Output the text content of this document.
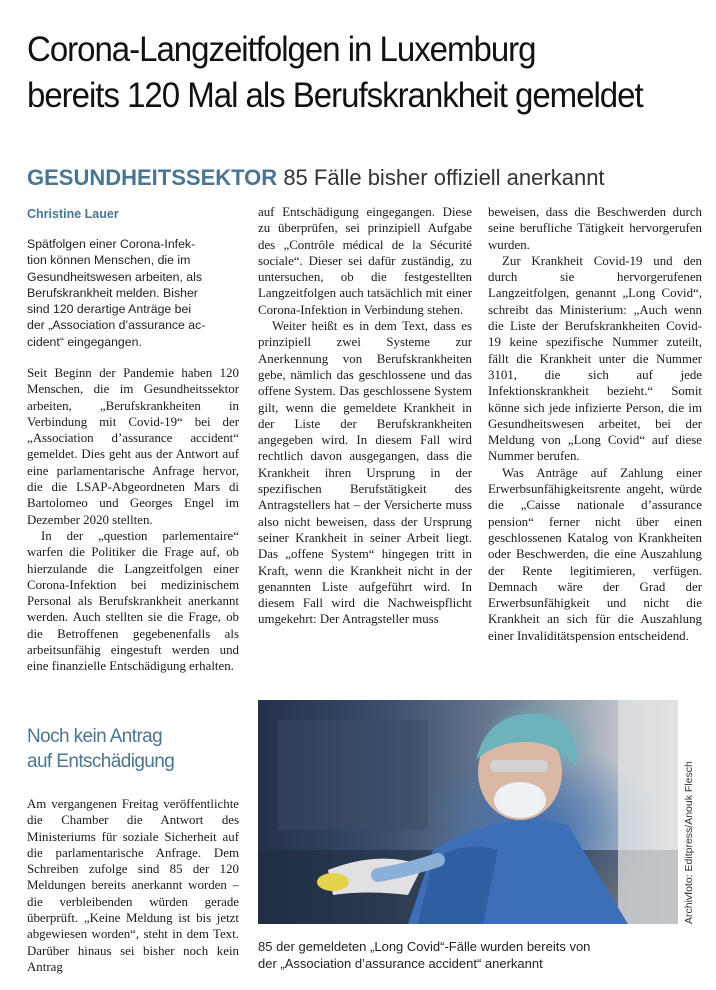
Corona-Langzeitfolgen in Luxemburg
bereits 120 Mal als Berufskrankheit gemeldet
GESUNDHEITSSEKTOR 85 Fälle bisher offiziell anerkannt
Christine Lauer

Spätfolgen einer Corona-Infek-

tion können Menschen, die im

Gesundheitswesen arbeiten, als

Berufskrankheit melden. Bisher

sind 120 derartige Anträge bei

der „Association d’assurance ac-

cident“ eingegangen.

Seit Beginn der Pandemie haben 120 Menschen, die im Gesundheitssektor arbeiten, „Berufskrankheiten in Verbindung mit Covid-19“ bei der „Association d’assurance accident“ gemeldet. Dies geht aus der Antwort auf eine parlamentarische Anfrage hervor, die die LSAP-Abgeordneten Mars di Bartolomeo und Georges Engel im Dezember 2020 stellten.

In der „question parlementaire“ warfen die Politiker die Frage auf, ob hierzulande die Langzeitfolgen einer Corona-Infektion bei medizinischem Personal als Berufskrankheit anerkannt werden. Auch stellten sie die Frage, ob die Betroffenen gegebenenfalls als arbeitsunfähig eingestuft werden und eine finanzielle Entschädigung erhalten.

Noch kein Antrag
auf Entschädigung

Am vergangenen Freitag veröffentlichte die Chamber die Antwort des Ministeriums für soziale Sicherheit auf die parlamentarische Anfrage. Dem Schreiben zufolge sind 85 der 120 Meldungen bereits anerkannt worden – die verbleibenden würden gerade überprüft. „Keine Meldung ist bis jetzt abgewiesen worden“, steht in dem Text. Darüber hinaus sei bisher noch kein Antrag

auf Entschädigung eingegangen. Diese zu überprüfen, sei prinzipiell Aufgabe des „Contrôle médical de la Sécurité sociale“. Dieser sei dafür zuständig, zu untersuchen, ob die festgestellten Langzeitfolgen auch tatsächlich mit einer Corona-Infektion in Verbindung stehen.

Weiter heißt es in dem Text, dass es prinzipiell zwei Systeme zur Anerkennung von Berufskrankheiten gebe, nämlich das geschlossene und das offene System. Das geschlossene System gilt, wenn die gemeldete Krankheit in der Liste der Berufskrankheiten angegeben wird. In diesem Fall wird rechtlich davon ausgegangen, dass die Krankheit ihren Ursprung in der spezifischen Berufstätigkeit des Antragstellers hat – der Versicherte muss also nicht beweisen, dass der Ursprung seiner Krankheit in seiner Arbeit liegt. Das „offene System“ hingegen tritt in Kraft, wenn die Krankheit nicht in der genannten Liste aufgeführt wird. In diesem Fall wird die Nachweispflicht umgekehrt: Der Antragsteller muss

beweisen, dass die Beschwerden durch seine berufliche Tätigkeit hervorgerufen wurden.

Zur Krankheit Covid-19 und den durch sie hervorgerufenen Langzeitfolgen, genannt „Long Covid“, schreibt das Ministerium: „Auch wenn die Liste der Berufskrankheiten Covid-19 keine spezifische Nummer zuteilt, fällt die Krankheit unter die Nummer 3101, die sich auf jede Infektionskrankheit bezieht.“ Somit könne sich jede infizierte Person, die im Gesundheitswesen arbeitet, bei der Meldung von „Long Covid“ auf diese Nummer berufen.

Was Anträge auf Zahlung einer Erwerbsunfähigkeitsrente angeht, würde die „Caisse nationale d’assurance pension“ ferner nicht über einen geschlossenen Katalog von Krankheiten oder Beschwerden, die eine Auszahlung der Rente legitimieren, verfügen. Demnach wäre der Grad der Erwerbsunfähigkeit und nicht die Krankheit an sich für die Auszahlung einer Invaliditätspension entscheidend.

Archivfoto: Editpress/Anouk Flesch
85 der gemeldeten „Long Covid“-Fälle wurden bereits von
der „Association d’assurance accident“ anerkannt
